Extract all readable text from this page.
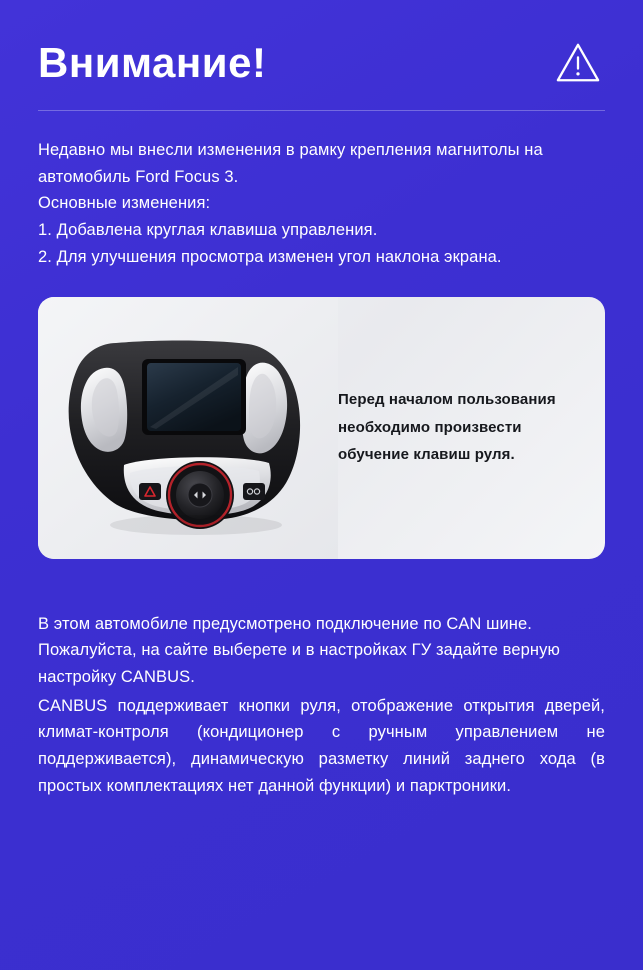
Внимание!

Недавно мы внесли изменения в рамку крепления магнитолы на автомобиль Ford Focus 3.

Основные изменения:

1. Добавлена круглая клавиша управления.

2. Для улучшения просмотра изменен угол наклона экрана.

Перед началом пользования
необходимо произвести
обучение клавиш руля.

В этом автомобиле предусмотрено подключение по CAN шине.

Пожалуйста, на сайте выберете и в настройках ГУ задайте верную настройку CANBUS.

CANBUS поддерживает кнопки руля, отображение открытия дверей, климат-контроля (кондиционер с ручным управлением не поддерживается), динамическую разметку линий заднего хода (в простых комплектациях нет данной функции) и парктроники.
